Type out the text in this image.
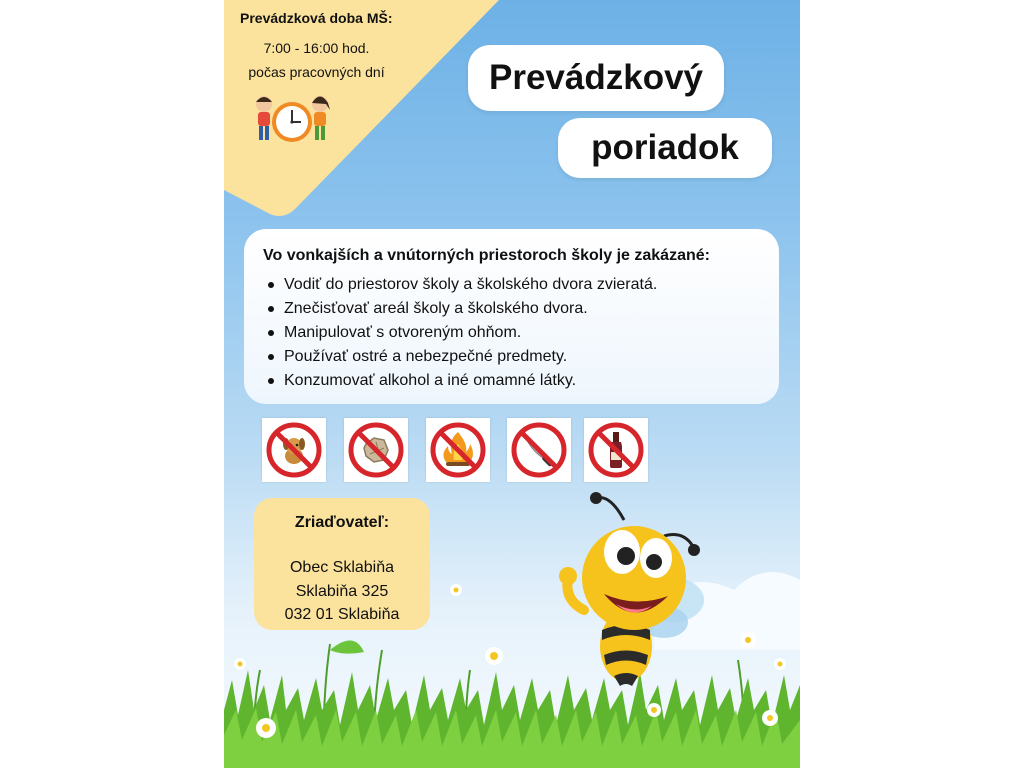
Prevádzková doba MŠ:
7:00 - 16:00 hod.
počas pracovných dní	Prevádzkový
poriadok
Vo vonkajších a vnútorných priestoroch školy je zakázané:
Vodiť do priestorov školy a školského dvora zvieratá.
Znečisťovať areál školy a školského dvora.
Manipulovať s otvoreným ohňom.
Používať ostré a nebezpečné predmety.
Konzumovať alkohol a iné omamné látky.
Zriaďovateľ:
Obec Sklabiňa
Sklabiňa 325
032 01 Sklabiňa
